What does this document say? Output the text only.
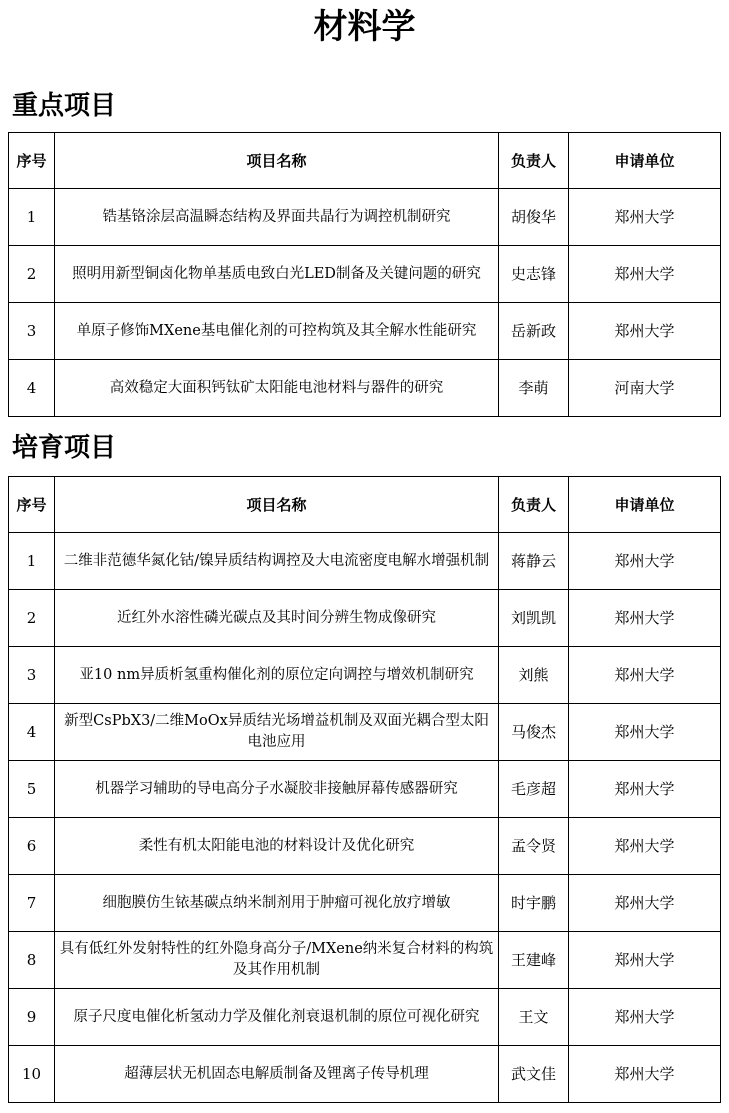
材料学
重点项目
序号	项目名称	负责人	申请单位
1	锆基铬涂层高温瞬态结构及界面共晶行为调控机制研究	胡俊华	郑州大学
2	照明用新型铜卤化物单基质电致白光LED制备及关键问题的研究	史志锋	郑州大学
3	单原子修饰MXene基电催化剂的可控构筑及其全解水性能研究	岳新政	郑州大学
4	高效稳定大面积钙钛矿太阳能电池材料与器件的研究	李萌	河南大学
培育项目
序号	项目名称	负责人	申请单位
1	二维非范德华氮化钴/镍异质结构调控及大电流密度电解水增强机制	蒋静云	郑州大学
2	近红外水溶性磷光碳点及其时间分辨生物成像研究	刘凯凯	郑州大学
3	亚10 nm异质析氢重构催化剂的原位定向调控与增效机制研究	刘熊	郑州大学
4	新型CsPbX3/二维MoOx异质结光场增益机制及双面光耦合型太阳电池应用	马俊杰	郑州大学
5	机器学习辅助的导电高分子水凝胶非接触屏幕传感器研究	毛彦超	郑州大学
6	柔性有机太阳能电池的材料设计及优化研究	孟令贤	郑州大学
7	细胞膜仿生铱基碳点纳米制剂用于肿瘤可视化放疗增敏	时宇鹏	郑州大学
8	具有低红外发射特性的红外隐身高分子/MXene纳米复合材料的构筑及其作用机制	王建峰	郑州大学
9	原子尺度电催化析氢动力学及催化剂衰退机制的原位可视化研究	王文	郑州大学
10	超薄层状无机固态电解质制备及锂离子传导机理	武文佳	郑州大学
